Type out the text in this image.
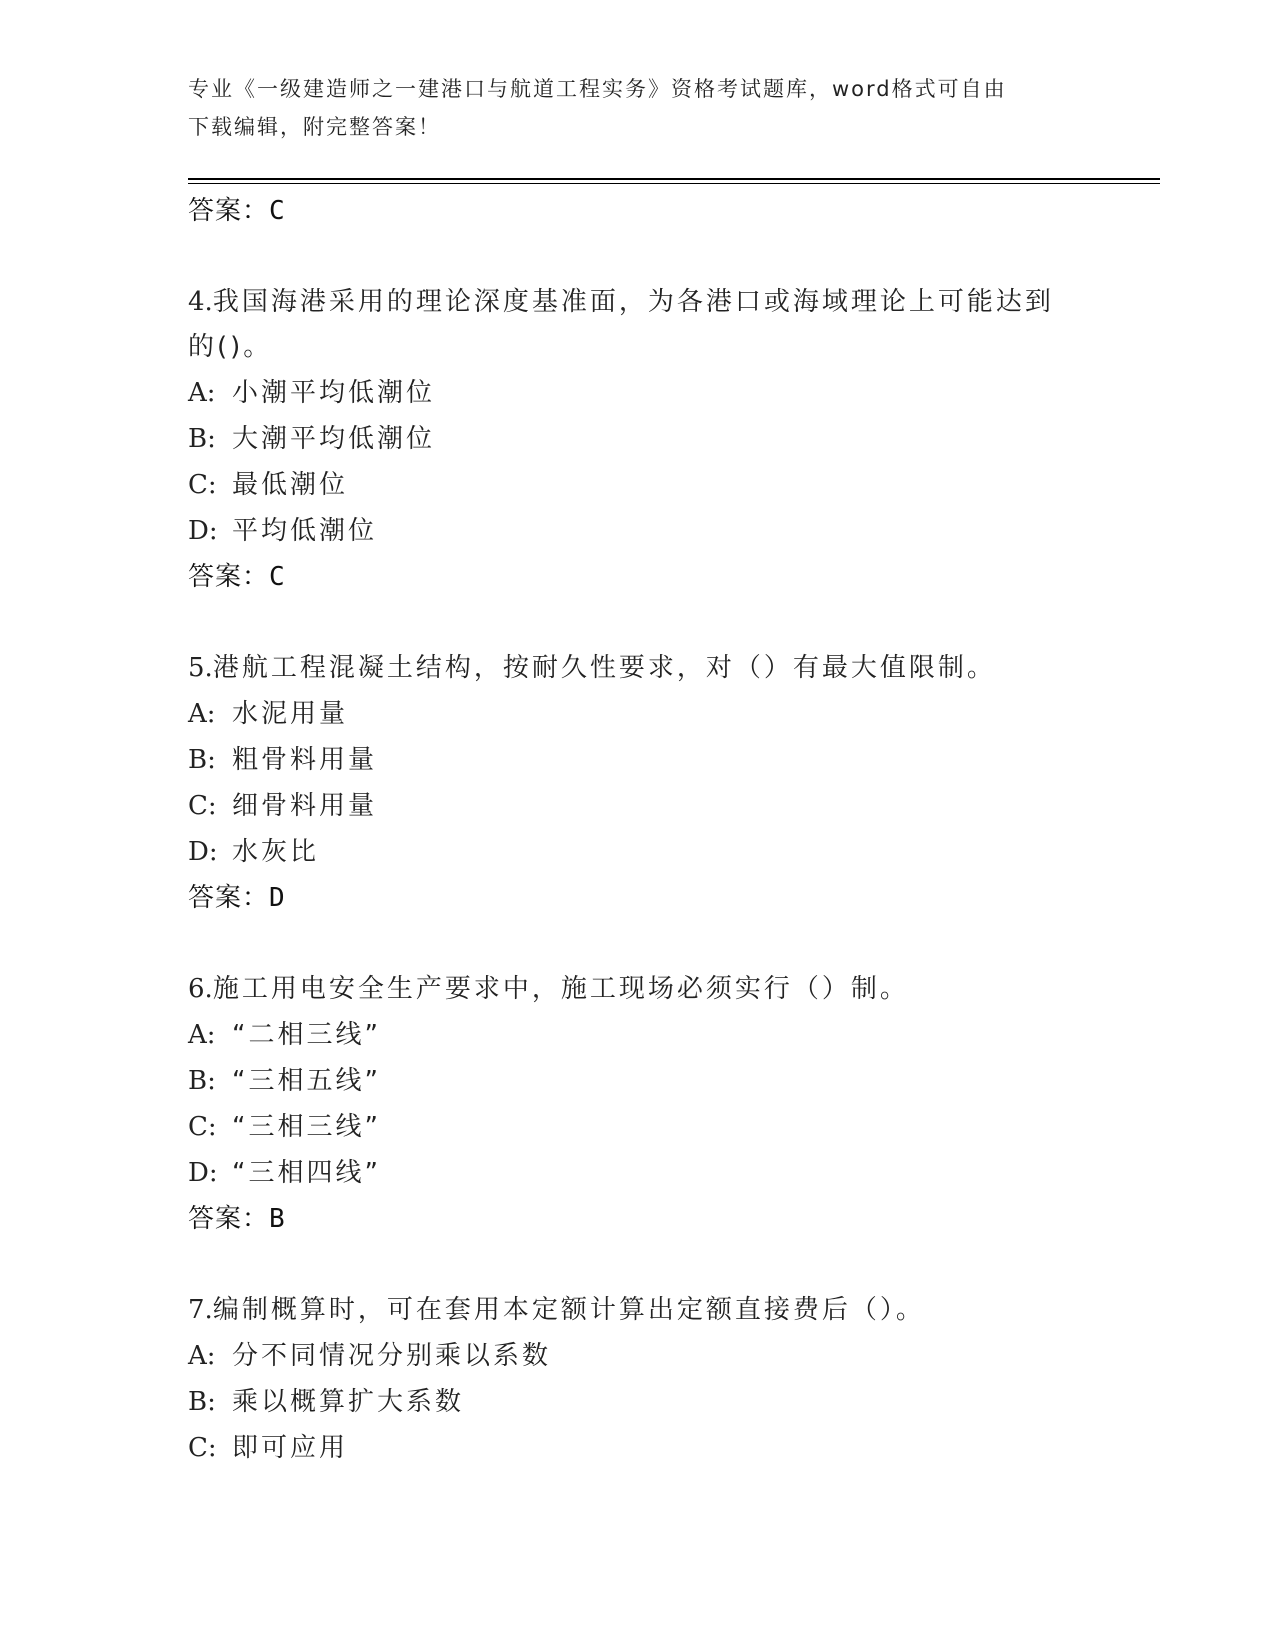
专业《一级建造师之一建港口与航道工程实务》资格考试题库，word格式可自由
下载编辑，附完整答案！
答案：C
4.我国海港采用的理论深度基准面，为各港口或海域理论上可能达到
的()。
A: 小潮平均低潮位
B: 大潮平均低潮位
C: 最低潮位
D: 平均低潮位
答案：C
5.港航工程混凝土结构，按耐久性要求，对（）有最大值限制。
A: 水泥用量
B: 粗骨料用量
C: 细骨料用量
D: 水灰比
答案：D
6.施工用电安全生产要求中，施工现场必须实行（）制。
A: “二相三线”
B: “三相五线”
C: “三相三线”
D: “三相四线”
答案：B
7.编制概算时，可在套用本定额计算出定额直接费后（）。
A: 分不同情况分别乘以系数
B: 乘以概算扩大系数
C: 即可应用
